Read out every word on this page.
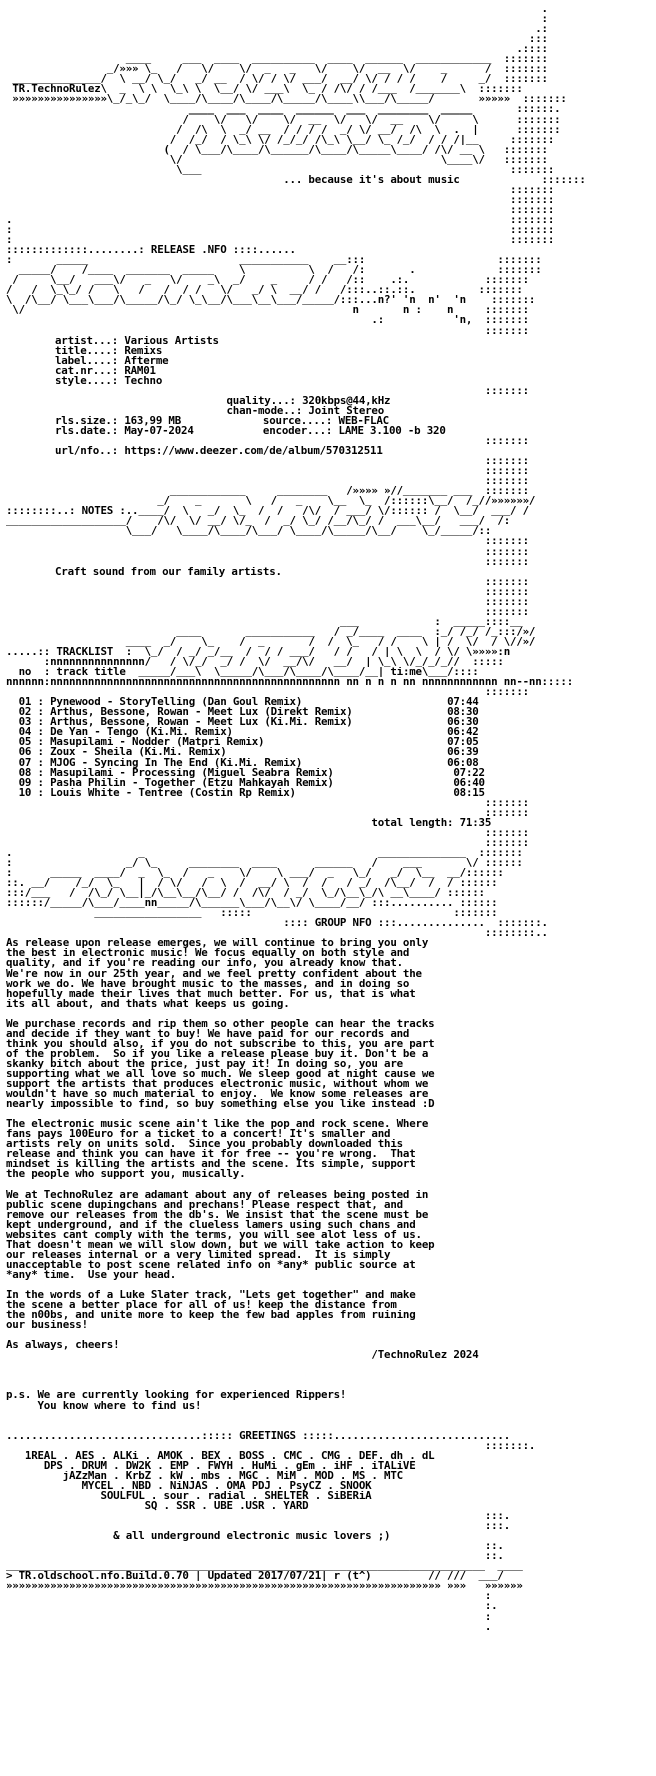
.
:
.:
:::
.::::
____     ___  ____  __________  ____  ______  ____________  :::::::
_/»»» \_   /   \/    \/  _   _   \/    \/  __  \/    _      /  :::::::
______________/  \ __/ \_/   _/ __  / \/ / \/ ___/  __/ \/ / / /    /     _/  :::::::
TR.TechnoRulez\  _  \ \  \_\ \  \__/ \/ ___\  \_ / /\/ / /___  /_______\  :::::::
»»»»»»»»»»»»»»»\_/_\_/  \____/\____/\____/\_____/\____\\___/\_____/       »»»»»  :::::::
____  ___  ____  ______  ___  ________  _____       ::::::.
/    \/   \/    \/  __  \/   \/  __    \/     \      :::::::
/  /\  \  _/ __  / / / /  _/ \/ __/  /\  \  .  |      :::::::
/  /_/  / \_\ \/ /_/_/ /\_\ \__/ \_ /_/  / / /|__     :::::::
(  / \___/\____/\______/\____/\_____\____/ /\/ __ \   :::::::
\/                                         \____\/   :::::::
\___                                                 :::::::
... because it's about music             :::::::
:::::::
:::::::
:::::::
.                                                                               :::::::
:                                                                               :::::::
:                                                                               :::::::
:::::::::::::........: RELEASE .NFO ::::......
:       _____                        ___________    __:::                     :::::::
_____/    /____  _______  _____    \          \  /   /:       .             :::::::
/     \__/   ___\/   _   \/    _\  _/    _     / /   /::    .:.            :::::::
/   /  \_\_/ /   \   /   /  / /   \/   _/ \  __/ /   /:::..::.::.          :::::::
\  /\__/ \___\___/\_____/\_/ \_\__/\___\__\___/_____/:::...n?' 'n  n'  'n    :::::::
\/                                                    n       n :    n     :::::::
.:           'n,  :::::::
:::::::
artist...: Various Artists
title....: Remixs
label....: Afterme
cat.nr...: RAM01
style....: Techno
:::::::
quality...: 320kbps@44,kHz
chan-mode..: Joint Stereo
rls.size.: 163,99 MB             source....: WEB-FLAC
rls.date.: May-07-2024           encoder...: LAME 3.100 -b 320
:::::::
url/nfo..: https://www.deezer.com/de/album/570312511
:::::::
:::::::
:::::::
____________     ________   /»»»» »//_______ ___  :::::::
_/    _       \   /   _    \__  \_  /::::::\__/  /_//»»»»»»/
::::::::..: NOTES :..____/  \   _/  \_  /  /   /\/  / ___/ \/:::::: /  \__/  ___/ /
___________________/    /\/  \/ __/ \/_  /  _/ \_/ /__/\_/ /  ___\__/   ___/  /:
\___/   \____/\____/\___/ \____/\_____/\__/    \_/_____/::
:::::::
:::::::
:::::::
Craft sound from our family artists.
:::::::
:::::::
:::::::
:::::::
___            :  _____::::__
____       ___________   / _/____  ____  :_/ /_/ /_:::/»/
____  _/    \_    /  _       /  /  \_   / /    \ | /  \/  / \//»/
.....:: TRACKLIST  :  \_/  / _/ _/__  /  / / ___/   / /   / | \  \  / \/ \»»»»:n
:nnnnnnnnnnnnnnn/   / \/_/  _/ /  \/  __/\/   __/  | \_\ \/_/_/_//  :::::
no  : track title  _____/___\  \_____/\___/\____/\____/__| ti:me\___/::::
nnnnnn:nnnnnnnnnnnnnnnnnnnnnnnnnnnnnnnnnnnnnnnnnnnnnn nn n n n nn nnnnnnnnnnnn nn--nn:::::
:::::::
01 : Pynewood - StoryTelling (Dan Goul Remix)	07:44
02 : Arthus, Bessone, Rowan - Meet Lux (Direkt Remix)	08:30
03 : Arthus, Bessone, Rowan - Meet Lux (Ki.Mi. Remix)	06:30
04 : De Yan - Tengo (Ki.Mi. Remix)	06:42
05 : Masupilami - Nodder (Matpri Remix)	07:05
06 : Zoux - Sheila (Ki.Mi. Remix)	06:39
07 : MJOG - Syncing In The End (Ki.Mi. Remix)	06:08
08 : Masupilami - Processing (Miguel Seabra Remix)	07:22
09 : Pasha Philin - Together (Etzu Mahkayah Remix)	06:40
10 : Louis White - Tentree (Costin Rp Remix)	08:15
:::::::
:::::::
total length: 71:35
:::::::
:::::::
.                    _                                     ______________  :::::::
:                  _/ \_     ________  ____      ______   /    ___       \/ ::::::
:      _____  ____/  _  \_  /   _    \/    \ ___/  _   \_/   _/  \__  __/::::::
::. __/    /_/  \_   |  / \/   /  \  /  __/ \  /  /   / _/  /\__/  /  / ::::::
:::/___   /  /\_/ \__|_/\__\__/\__/ /  /\/  / _/  \_/\__\_/\ __\____/ ::::::
::::::/_____/\___/____nn_____/\______\___/\__\/ \____/__/ :::.......... ::::::
_________________   :::::                                :::::::
:::: GROUP NFO :::..............  :::::::.
::::::::..
As release upon release emerges, we will continue to bring you only
the best in electronic music! We focus equally on both style and
quality, and if you're reading our info, you already know that.
We're now in our 25th year, and we feel pretty confident about the
work we do. We have brought music to the masses, and in doing so
hopefully made their lives that much better. For us, that is what
its all about, and thats what keeps us going.

We purchase records and rip them so other people can hear the tracks
and decide if they want to buy! We have paid for our records and
think you should also, if you do not subscribe to this, you are part
of the problem.  So if you like a release please buy it. Don't be a
skanky bitch about the price, just pay it! In doing so, you are
supporting what we all love so much. We sleep good at night cause we
support the artists that produces electronic music, without whom we
wouldn't have so much material to enjoy.  We know some releases are
nearly impossible to find, so buy something else you like instead :D

The electronic music scene ain't like the pop and rock scene. Where
fans pays 100Euro for a ticket to a concert! It's smaller and
artists rely on units sold.  Since you probably downloaded this
release and think you can have it for free -- you're wrong.  That
mindset is killing the artists and the scene. Its simple, support
the people who support you, musically.

We at TechnoRulez are adamant about any of releases being posted in
public scene dupingchans and prechans! Please respect that, and
remove our releases from the db's. We insist that the scene must be
kept underground, and if the clueless lamers using such chans and
websites cant comply with the terms, you will see alot less of us.
That doesn't mean we will slow down, but we will take action to keep
our releases internal or a very limited spread.  It is simply
unacceptable to post scene related info on *any* public source at
*any* time.  Use your head.

In the words of a Luke Slater track, "Lets get together" and make
the scene a better place for all of us! keep the distance from
the n00bs, and unite more to keep the few bad apples from ruining
our business!

As always, cheers!
/TechnoRulez 2024

p.s. We are currently looking for experienced Rippers!
You know where to find us!

...............................::::: GREETINGS :::::............................
:::::::.
1REAL . AES . ALKi . AMOK . BEX . BOSS . CMC . CMG . DEF. dh . dL
DPS . DRUM . DW2K . EMP . FWYH . HuMi . gEm . iHF . iTALiVE
jAZzMan . KrbZ . kW . mbs . MGC . MiM . MOD . MS . MTC
MYCEL . NBD . NiNJAS . OMA PDJ . PsyCZ . SNOOK
SOULFUL . sour . radial . SHELTER . SiBERiA
SQ . SSR . UBE .USR . YARD
:::.
:::.
& all underground electronic music lovers ;)
::.
::.
____________________________________________________________________________  ____
> TR.oldschool.nfo.Build.0.70 | Updated 2017/07/21| r (t^)         // ///  ___/
»»»»»»»»»»»»»»»»»»»»»»»»»»»»»»»»»»»»»»»»»»»»»»»»»»»»»»»»»»»»»»»»»»»»» »»»   »»»»»»
:
:.
:
.
